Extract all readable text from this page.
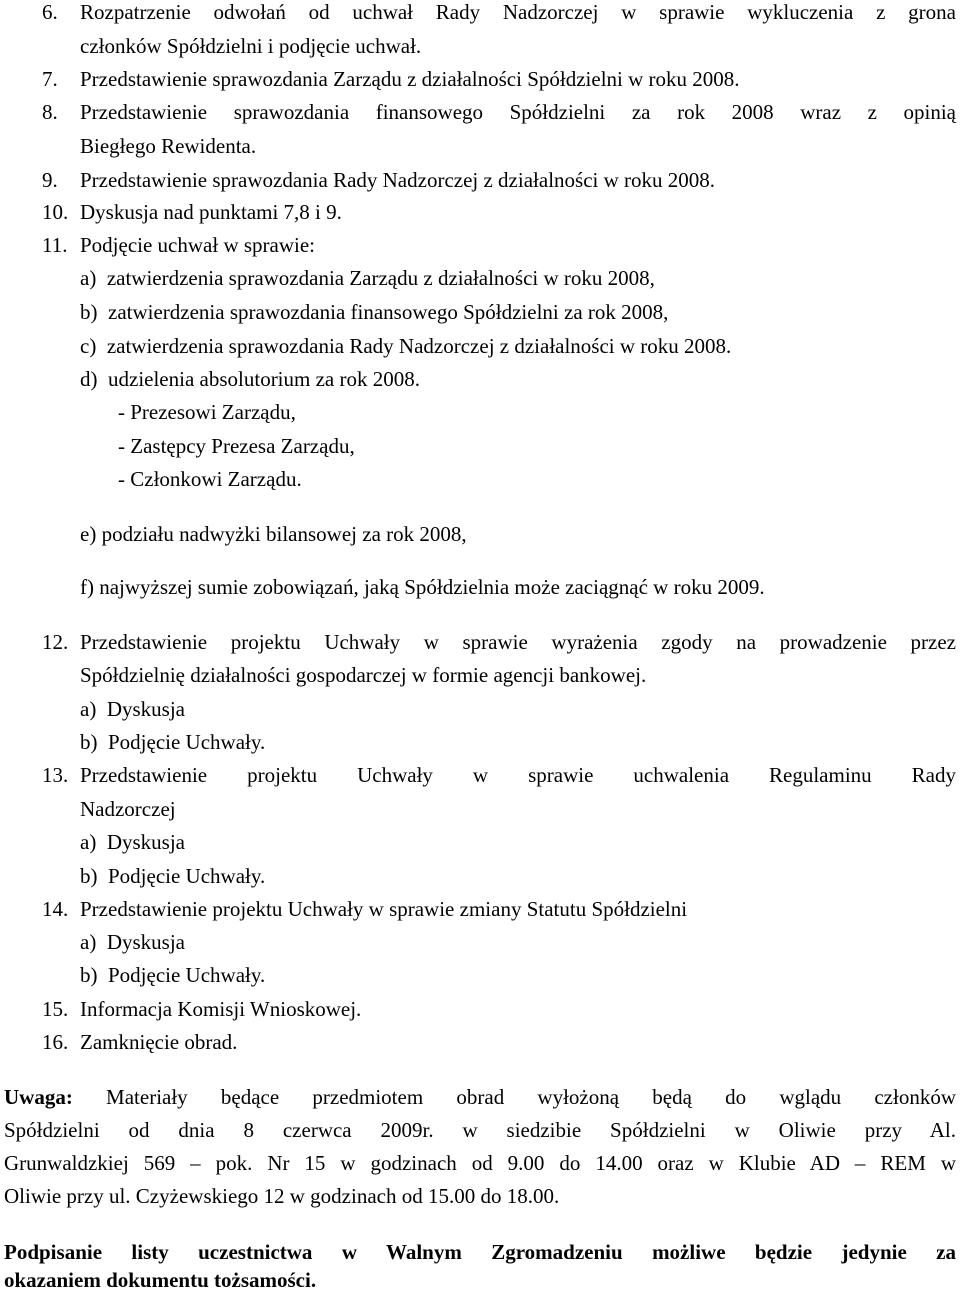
6. Rozpatrzenie odwołań od uchwał Rady Nadzorczej w sprawie wykluczenia z grona
członków Spółdzielni i podjęcie uchwał.
7. Przedstawienie sprawozdania Zarządu z działalności Spółdzielni w roku 2008.
8. Przedstawienie sprawozdania finansowego Spółdzielni za rok 2008 wraz z opinią
Biegłego Rewidenta.
9. Przedstawienie sprawozdania Rady Nadzorczej z działalności w roku 2008.
10. Dyskusja nad punktami 7,8 i 9.
11. Podjęcie uchwał w sprawie:
a)  zatwierdzenia sprawozdania Zarządu z działalności w roku 2008,
b)  zatwierdzenia sprawozdania finansowego Spółdzielni za rok 2008,
c)  zatwierdzenia sprawozdania Rady Nadzorczej z działalności w roku 2008.
d)  udzielenia absolutorium za rok 2008.
- Prezesowi Zarządu,
- Zastępcy Prezesa Zarządu,
- Członkowi Zarządu.
e) podziału nadwyżki bilansowej za rok 2008,
f) najwyższej sumie zobowiązań, jaką Spółdzielnia może zaciągnąć w roku 2009.
12. Przedstawienie projektu Uchwały w sprawie wyrażenia zgody na prowadzenie przez
Spółdzielnię działalności gospodarczej w formie agencji bankowej.
a)  Dyskusja
b)  Podjęcie Uchwały.
13. Przedstawienie projektu Uchwały w sprawie uchwalenia Regulaminu Rady
Nadzorczej
a)  Dyskusja
b)  Podjęcie Uchwały.
14. Przedstawienie projektu Uchwały w sprawie zmiany Statutu Spółdzielni
a)  Dyskusja
b)  Podjęcie Uchwały.
15. Informacja Komisji Wnioskowej.
16. Zamknięcie obrad.
Uwaga: Materiały będące przedmiotem obrad wyłożoną będą do wglądu członków
Spółdzielni od dnia 8 czerwca 2009r. w siedzibie Spółdzielni w Oliwie przy Al.
Grunwaldzkiej 569 – pok. Nr 15 w godzinach od 9.00 do 14.00 oraz w Klubie AD – REM w
Oliwie przy ul. Czyżewskiego 12 w godzinach od 15.00 do 18.00.
Podpisanie listy uczestnictwa w Walnym Zgromadzeniu możliwe będzie jedynie za
okazaniem dokumentu tożsamości.
